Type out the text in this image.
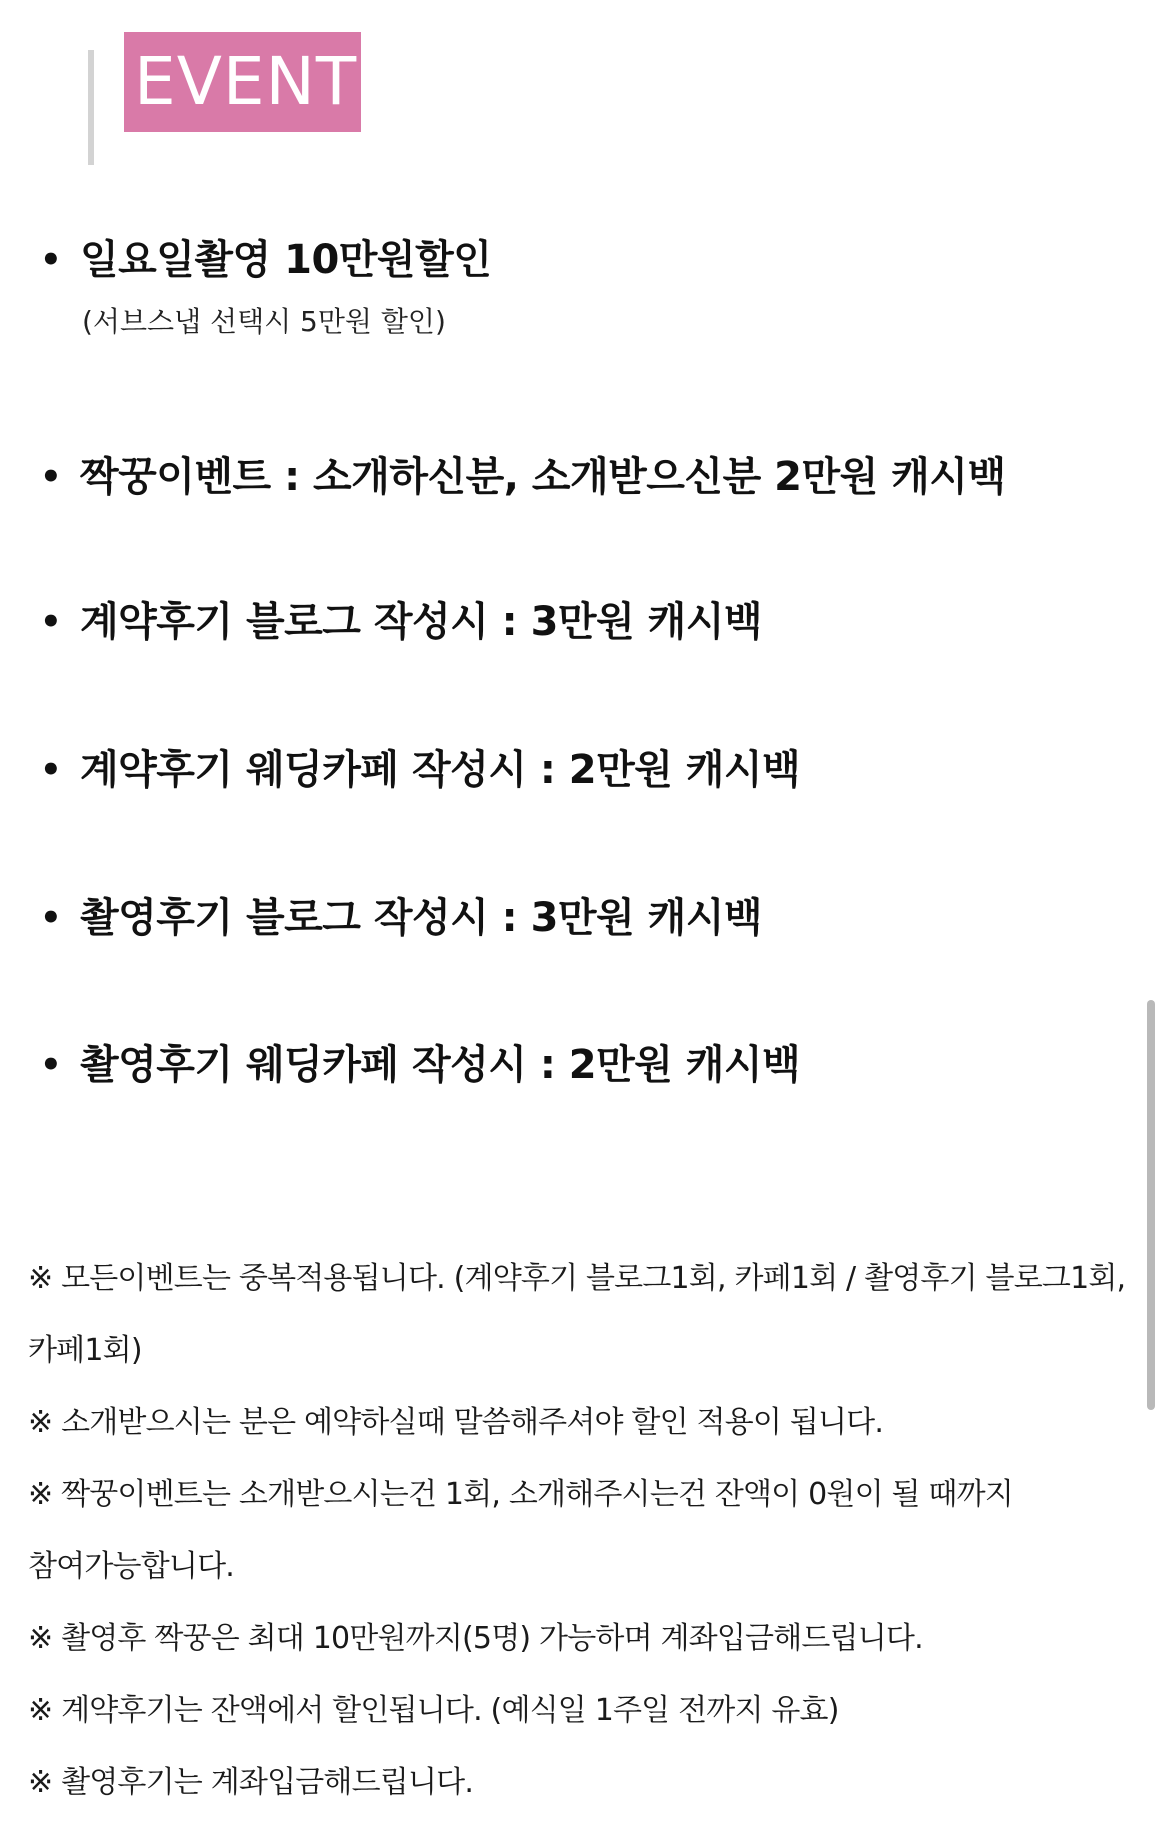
EVENT
• 일요일촬영 10만원할인
(서브스냅 선택시 5만원 할인)
• 짝꿍이벤트 : 소개하신분, 소개받으신분 2만원 캐시백
• 계약후기 블로그 작성시 : 3만원 캐시백
• 계약후기 웨딩카페 작성시 : 2만원 캐시백
• 촬영후기 블로그 작성시 : 3만원 캐시백
• 촬영후기 웨딩카페 작성시 : 2만원 캐시백
※ 모든이벤트는 중복적용됩니다. (계약후기 블로그1회, 카페1회 / 촬영후기 블로그1회, 카페1회)
※ 소개받으시는 분은 예약하실때 말씀해주셔야 할인 적용이 됩니다.
※ 짝꿍이벤트는 소개받으시는건 1회, 소개해주시는건 잔액이 0원이 될 때까지 참여가능합니다.
※ 촬영후 짝꿍은 최대 10만원까지(5명) 가능하며 계좌입금해드립니다.
※ 계약후기는 잔액에서 할인됩니다. (예식일 1주일 전까지 유효)
※ 촬영후기는 계좌입금해드립니다.
